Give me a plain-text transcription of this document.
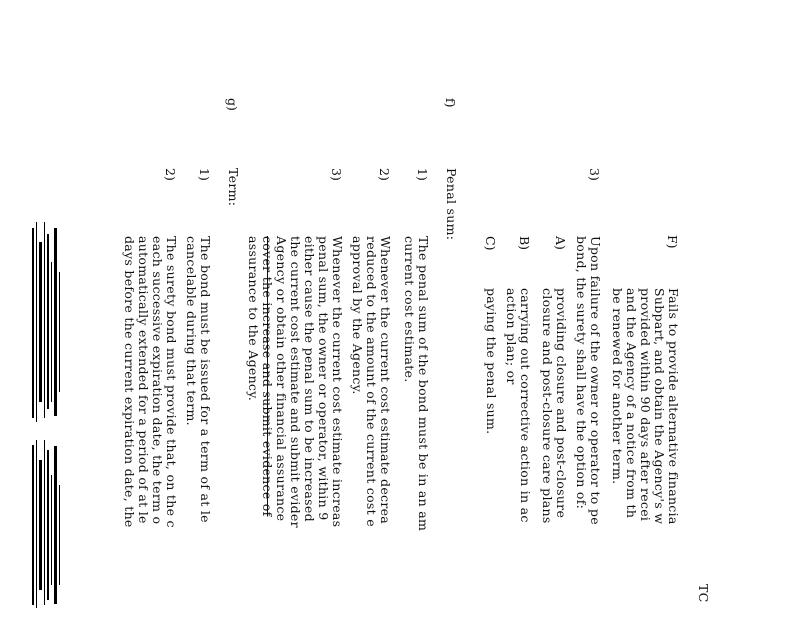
TC
F)
Fails to provide alternative financia
Subpart, and obtain the Agency's w
provided within 90 days after recei
and the Agency of a notice from th
be renewed for another term.
3)
Upon failure of the owner or operator to pe
bond, the surety shall have the option of:
A)
providing closure and post-closure
closure and post-closure care plans
B)
carrying out corrective action in ac
action plan; or
C)
paying the penal sum.
f)
Penal sum:
1)
The penal sum of the bond must be in an am
current cost estimate.
2)
Whenever the current cost estimate decrea
reduced to the amount of the current cost e
approval by the Agency.
3)
Whenever the current cost estimate increas
penal sum, the owner or operator, within 9
either cause the penal sum to be increased
the current cost estimate and submit evider
Agency or obtain other financial assurance
cover the increase and submit evidence of
assurance to the Agency.
g)
Term:
1)
The bond must be issued for a term of at le
cancelable during that term.
2)
The surety bond must provide that, on the c
each successive expiration date, the term o
automatically extended for a period of at le
days before the current expiration date, the
